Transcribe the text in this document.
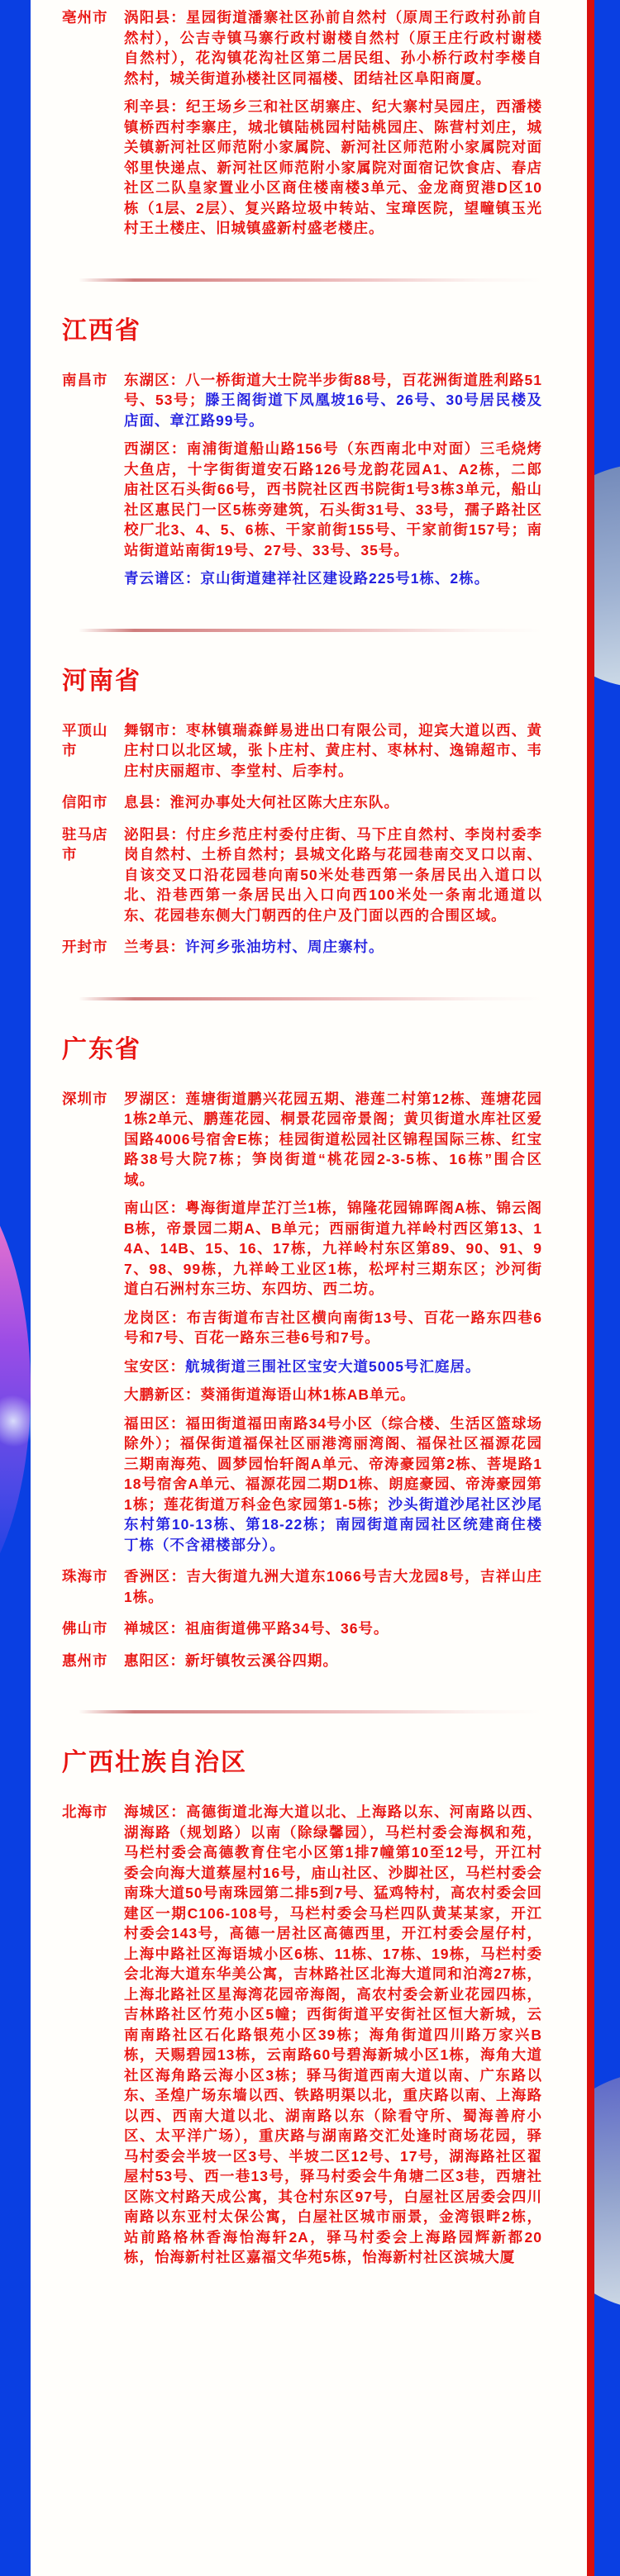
亳州市 涡阳县：星园街道潘寨社区孙前自然村（原周王行政村孙前自然村），公吉寺镇马寨行政村谢楼自然村（原王庄行政村谢楼自然村），花沟镇花沟社区第二居民组、孙小桥行政村李楼自然村，城关街道孙楼社区同福楼、团结社区阜阳商厦。

利辛县：纪王场乡三和社区胡寨庄、纪大寨村吴园庄，西潘楼镇桥西村李寨庄，城北镇陆桃园村陆桃园庄、陈营村刘庄，城关镇新河社区师范附小家属院、新河社区师范附小家属院对面邻里快递点、新河社区师范附小家属院对面宿记饮食店、春店社区二队皇家置业小区商住楼南楼3单元、金龙商贸港D区10栋（1层、2层）、复兴路垃圾中转站、宝璋医院，望疃镇玉光村王土楼庄、旧城镇盛新村盛老楼庄。

江西省
南昌市 东湖区：八一桥街道大士院半步街88号，百花洲街道胜利路51号、53号；滕王阁街道下凤凰坡16号、26号、30号居民楼及店面、章江路99号。

西湖区：南浦街道船山路156号（东西南北中对面）三毛烧烤大鱼店，十字街街道安石路126号龙韵花园A1、A2栋，二郎庙社区石头街66号，西书院社区西书院街1号3栋3单元，船山社区惠民门一区5栋旁建筑，石头街31号、33号，孺子路社区校厂北3、4、5、6栋、干家前街155号、干家前街157号；南站街道站南街19号、27号、33号、35号。

青云谱区：京山街道建祥社区建设路225号1栋、2栋。

河南省
平顶山市

舞钢市：枣林镇瑞森鲜易进出口有限公司，迎宾大道以西、黄庄村口以北区域，张卜庄村、黄庄村、枣林村、逸锦超市、韦庄村庆丽超市、李堂村、后李村。

信阳市 息县：淮河办事处大何社区陈大庄东队。

驻马店市

泌阳县：付庄乡范庄村委付庄街、马下庄自然村、李岗村委李岗自然村、土桥自然村；县城文化路与花园巷南交叉口以南、自该交叉口沿花园巷向南50米处巷西第一条居民出入道口以北、沿巷西第一条居民出入口向西100米处一条南北通道以东、花园巷东侧大门朝西的住户及门面以西的合围区域。

开封市 兰考县：许河乡张油坊村、周庄寨村。

广东省
深圳市 罗湖区：莲塘街道鹏兴花园五期、港莲二村第12栋、莲塘花园1栋2单元、鹏莲花园、桐景花园帝景阁；黄贝街道水库社区爱国路4006号宿舍E栋；桂园街道松园社区锦程国际三栋、红宝路38号大院7栋；笋岗街道“桃花园2-3-5栋、16栋”围合区域。

南山区：粤海街道岸芷汀兰1栋，锦隆花园锦晖阁A栋、锦云阁B栋，帝景园二期A、B单元；西丽街道九祥岭村西区第13、14A、14B、15、16、17栋，九祥岭村东区第89、90、91、97、98、99栋，九祥岭工业区1栋，松坪村三期东区；沙河街道白石洲村东三坊、东四坊、西二坊。

龙岗区：布吉街道布吉社区横向南街13号、百花一路东四巷6号和7号、百花一路东三巷6号和7号。

宝安区：航城街道三围社区宝安大道5005号汇庭居。

大鹏新区：葵涌街道海语山林1栋AB单元。

福田区：福田街道福田南路34号小区（综合楼、生活区篮球场除外）；福保街道福保社区丽港湾丽湾阁、福保社区福源花园三期南海苑、圆梦园怡轩阁A单元、帝涛豪园第2栋、菩堤路118号宿舍A单元、福源花园二期D1栋、朗庭豪园、帝涛豪园第1栋；莲花街道万科金色家园第1-5栋；沙头街道沙尾社区沙尾东村第10-13栋、第18-22栋；南园街道南园社区统建商住楼丁栋（不含裙楼部分）。

珠海市 香洲区：吉大街道九洲大道东1066号吉大龙园8号，吉祥山庄1栋。

佛山市 禅城区：祖庙街道佛平路34号、36号。

惠州市 惠阳区：新圩镇牧云溪谷四期。

广西壮族自治区
北海市 海城区：高德街道北海大道以北、上海路以东、河南路以西、湖海路（规划路）以南（除绿馨园），马栏村委会海枫和苑，马栏村委会高德教育住宅小区第1排7幢第10至12号，开江村委会向海大道蔡屋村16号，庙山社区、沙脚社区，马栏村委会南珠大道50号南珠园第二排5到7号、猛鸡特村，高农村委会回建区一期C106-108号，马栏村委会马栏四队黄某某家，开江村委会143号，高德一居社区高德西里，开江村委会屋仔村，上海中路社区海语城小区6栋、11栋、17栋、19栋，马栏村委会北海大道东华美公寓，吉林路社区北海大道同和泊湾27栋，上海北路社区星海湾花园帝海阁，高农村委会新业花园四栋，吉林路社区竹苑小区5幢；西街街道平安街社区恒大新城，云南南路社区石化路银苑小区39栋；海角街道四川路万家兴B栋，天赐碧园13栋，云南路60号碧海新城小区1栋，海角大道社区海角路云海小区3栋；驿马街道西南大道以南、广东路以东、圣煌广场东墙以西、铁路明渠以北，重庆路以南、上海路以西、西南大道以北、湖南路以东（除看守所、蜀海善府小区、太平洋广场），重庆路与湖南路交汇处逢时商场花园，驿马村委会半坡一区3号、半坡二区12号、17号，湖海路社区翟屋村53号、西一巷13号，驿马村委会牛角塘二区3巷，西塘社区陈文村路天成公寓，其仓村东区97号，白屋社区居委会四川南路以东亚村太保公寓，白屋社区城市丽景，金湾银畔2栋，站前路格林香海怡海轩2A，驿马村委会上海路园辉新都20栋，怡海新村社区嘉福文华苑5栋，怡海新村社区滨城大厦
